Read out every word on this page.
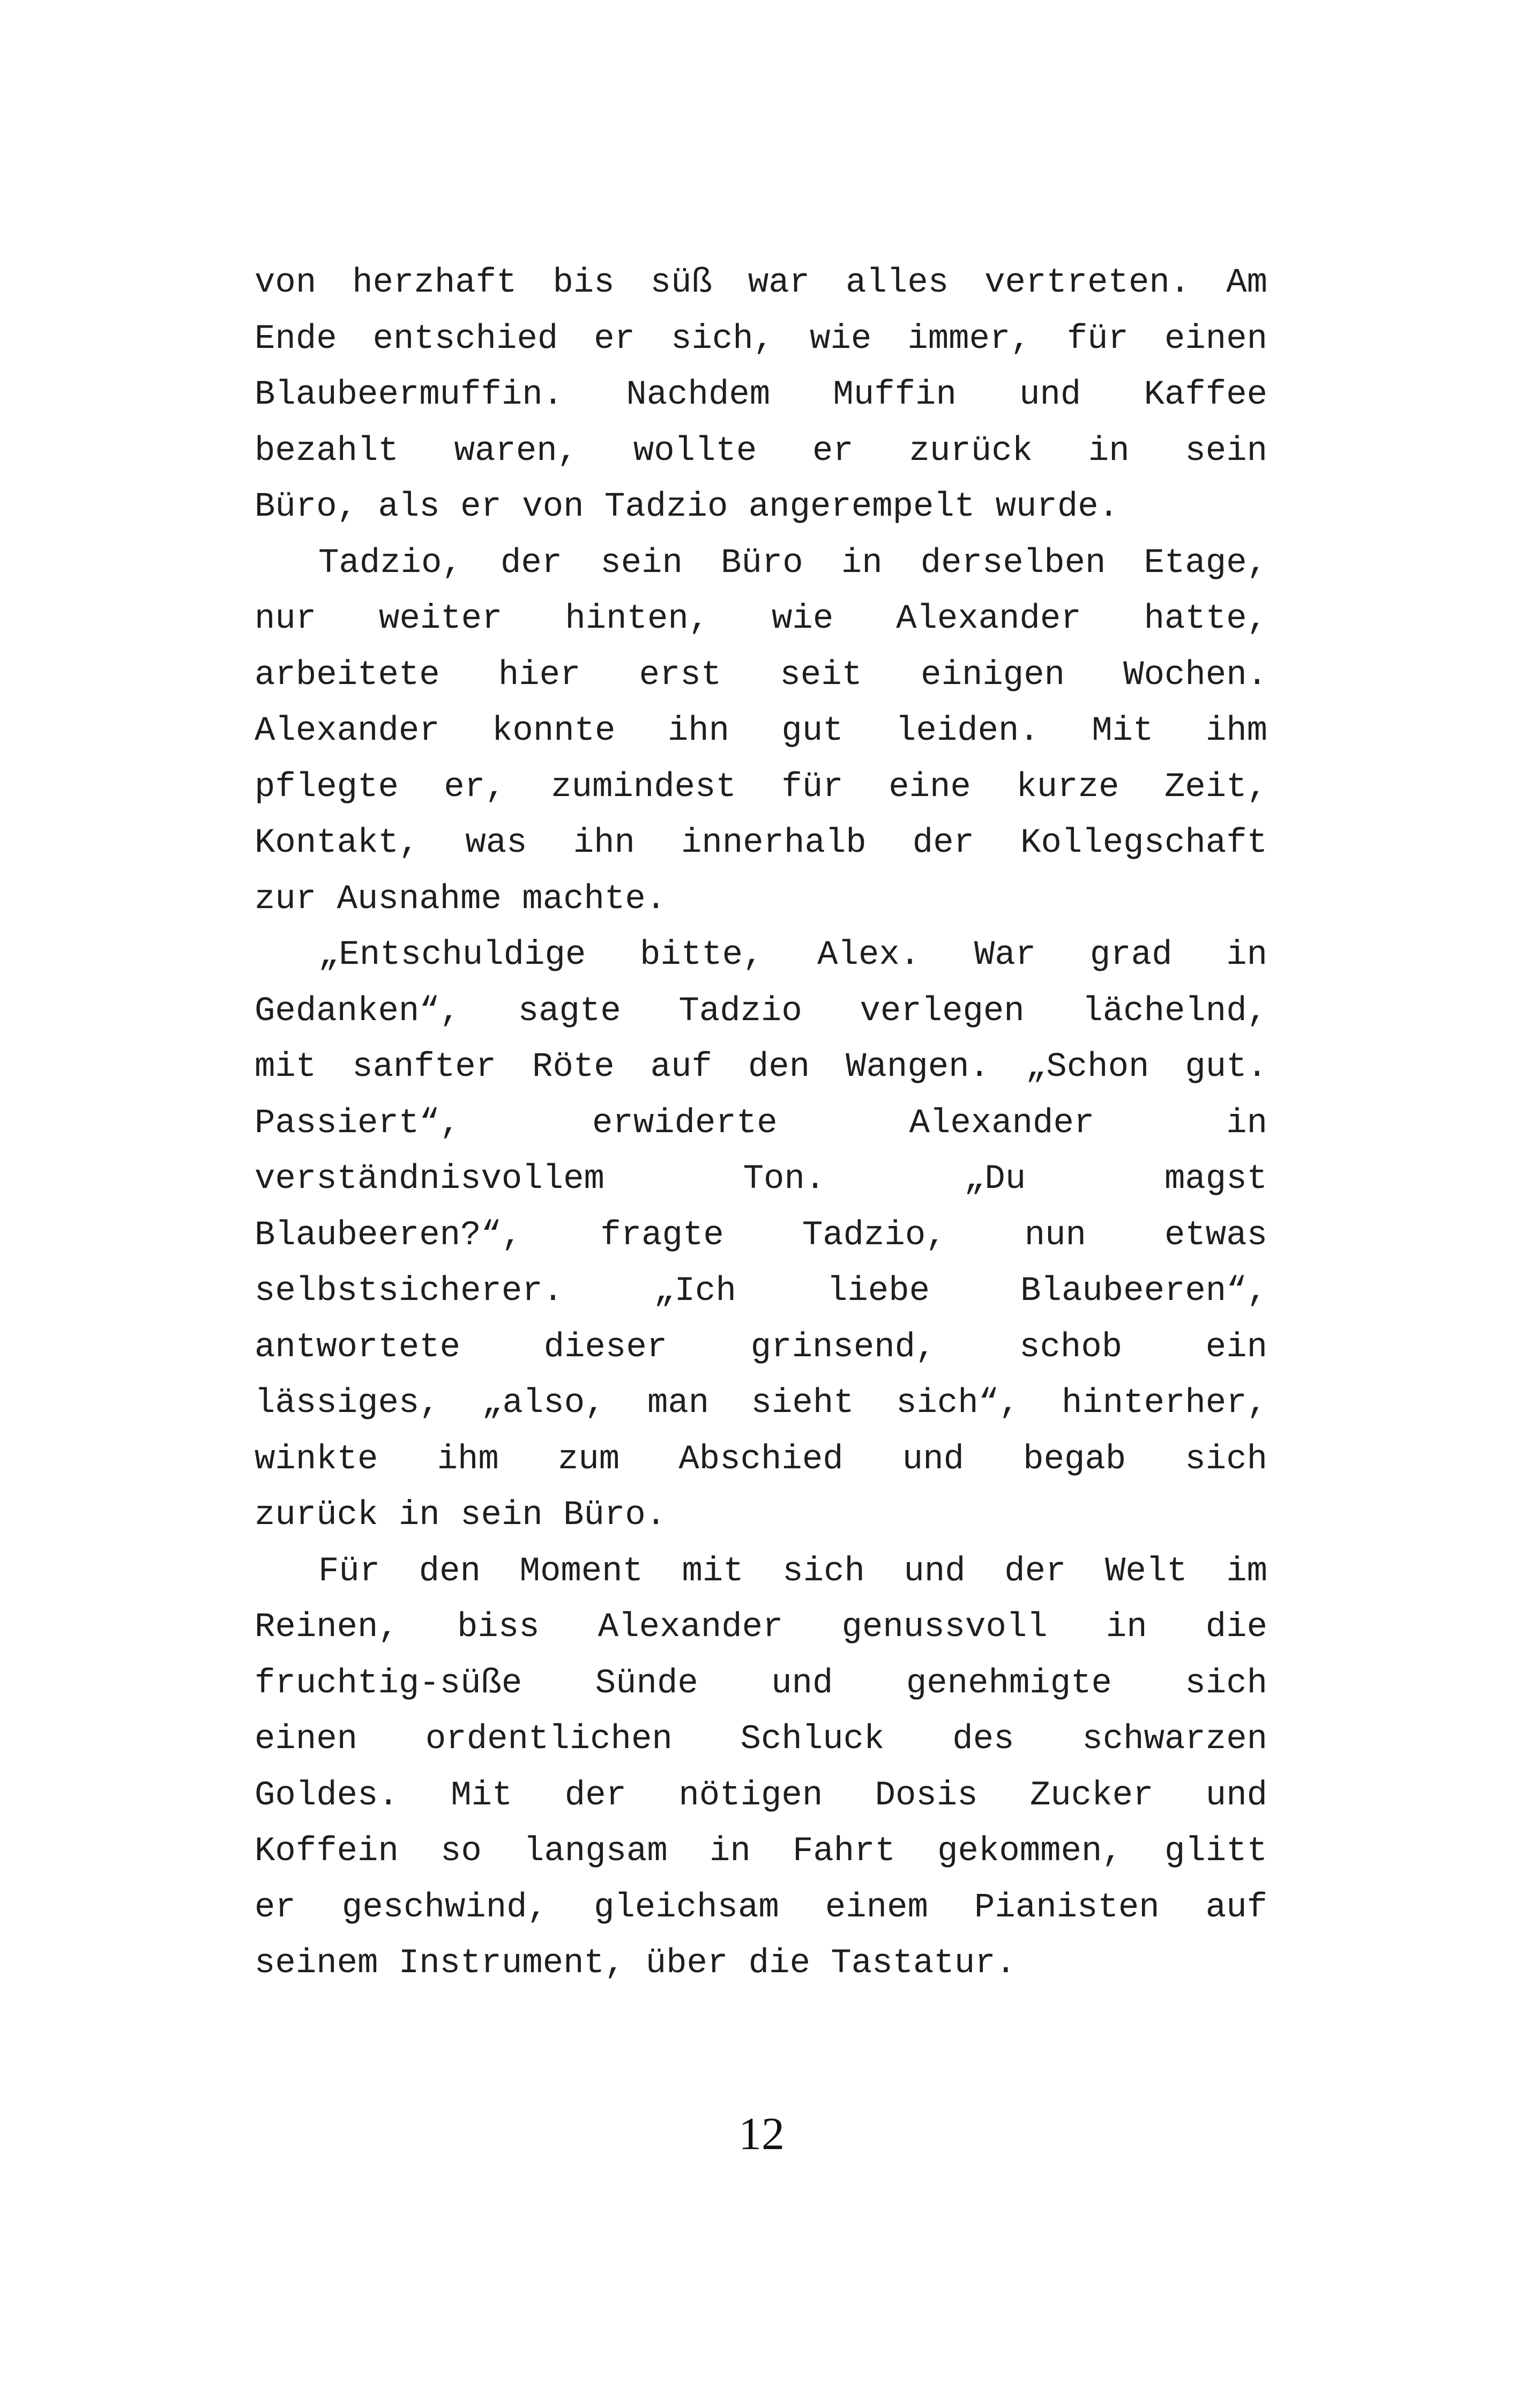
von herzhaft bis süß war alles vertreten. Am
Ende entschied er sich, wie immer, für einen
Blaubeermuffin. Nachdem Muffin und Kaffee
bezahlt waren, wollte er zurück in sein
Büro, als er von Tadzio angerempelt wurde.
Tadzio, der sein Büro in derselben Etage,
nur weiter hinten, wie Alexander hatte,
arbeitete hier erst seit einigen Wochen.
Alexander konnte ihn gut leiden. Mit ihm
pflegte er, zumindest für eine kurze Zeit,
Kontakt, was ihn innerhalb der Kollegschaft
zur Ausnahme machte.
„Entschuldige bitte, Alex. War grad in
Gedanken“, sagte Tadzio verlegen lächelnd,
mit sanfter Röte auf den Wangen. „Schon gut.
Passiert“, erwiderte Alexander in
verständnisvollem Ton. „Du magst
Blaubeeren?“, fragte Tadzio, nun etwas
selbstsicherer. „Ich liebe Blaubeeren“,
antwortete dieser grinsend, schob ein
lässiges, „also, man sieht sich“, hinterher,
winkte ihm zum Abschied und begab sich
zurück in sein Büro.
Für den Moment mit sich und der Welt im
Reinen, biss Alexander genussvoll in die
fruchtig-süße Sünde und genehmigte sich
einen ordentlichen Schluck des schwarzen
Goldes. Mit der nötigen Dosis Zucker und
Koffein so langsam in Fahrt gekommen, glitt
er geschwind, gleichsam einem Pianisten auf
seinem Instrument, über die Tastatur.
12
